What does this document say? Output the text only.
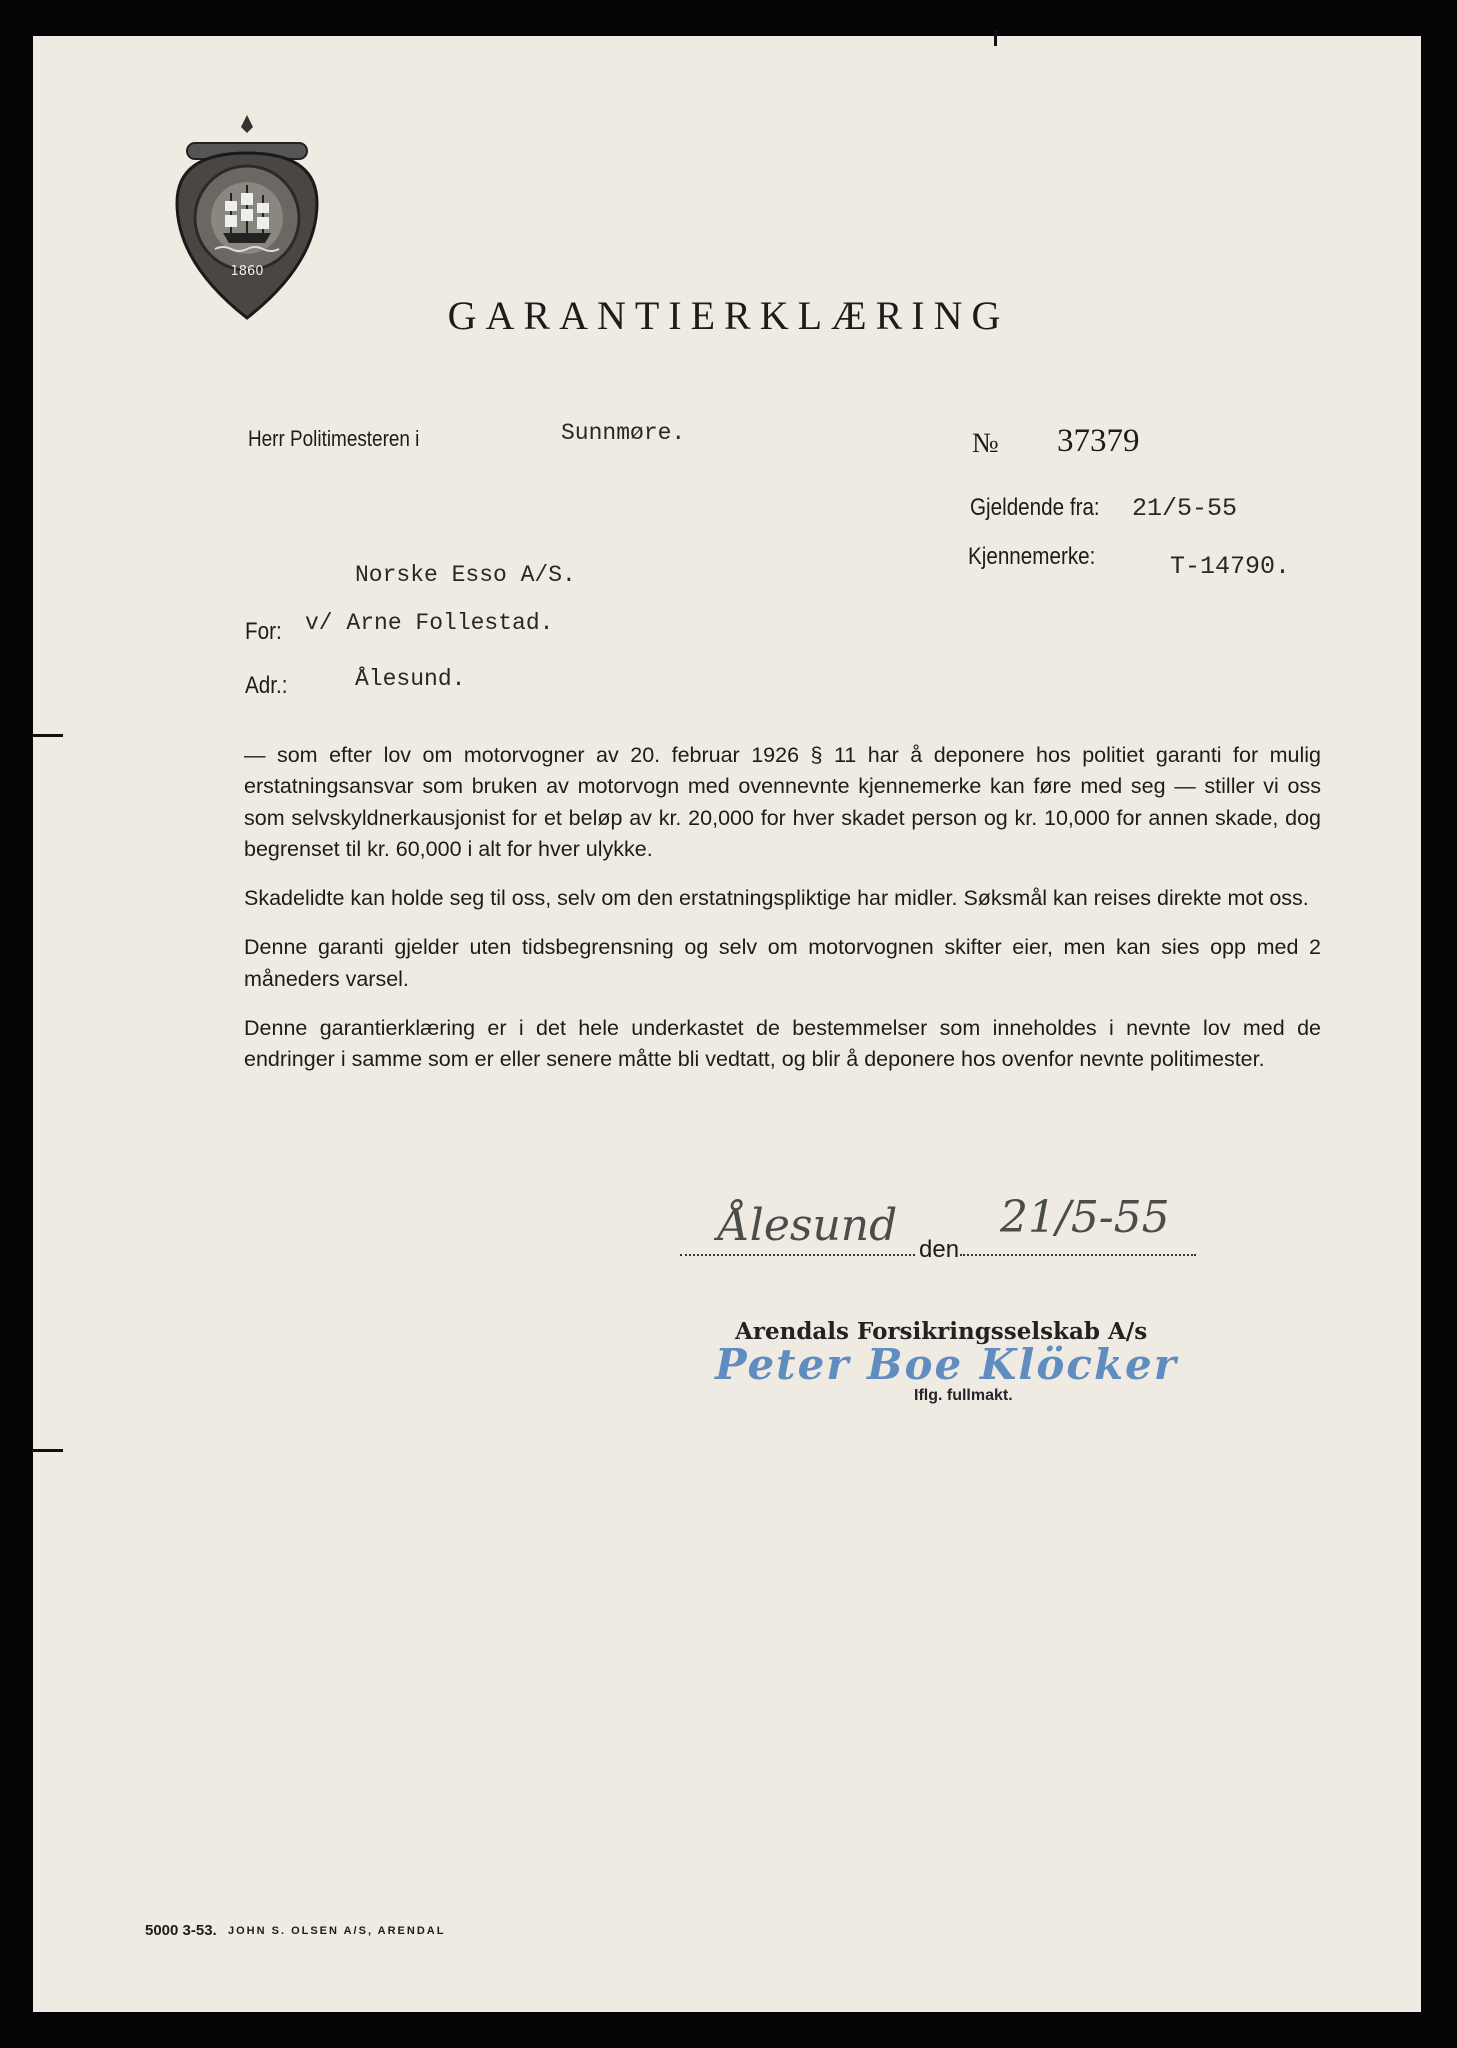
1860
GARANTIERKLÆRING
Herr Politimesteren i	Sunnmøre.	№ 37379
Gjeldende fra: 21/5-55
Kjennemerke:	T-14790.
Norske Esso A/S.
For: v/ Arne Follestad.
Adr.:	Ålesund.

— som efter lov om motorvogner av 20. februar 1926 § 11 har å deponere hos politiet garanti for mulig erstatningsansvar som bruken av motorvogn med ovennevnte kjennemerke kan føre med seg — stiller vi oss som selvskyldnerkausjonist for et beløp av kr. 20,000 for hver skadet person og kr. 10,000 for annen skade, dog begrenset til kr. 60,000 i alt for hver ulykke.

Skadelidte kan holde seg til oss, selv om den erstatningspliktige har midler. Søksmål kan reises direkte mot oss.

Denne garanti gjelder uten tidsbegrensning og selv om motorvognen skifter eier, men kan sies opp med 2 måneders varsel.

Denne garantierklæring er i det hele underkastet de bestemmelser som inneholdes i nevnte lov med de endringer i samme som er eller senere måtte bli vedtatt, og blir å deponere hos ovenfor nevnte politimester.

den
Ålesund 21/5-55
Arendals Forsikringsselskab A/s
Peter Boe Klöcker
Iflg. fullmakt.
5000 3-53. JOHN S. OLSEN A/S, ARENDAL
